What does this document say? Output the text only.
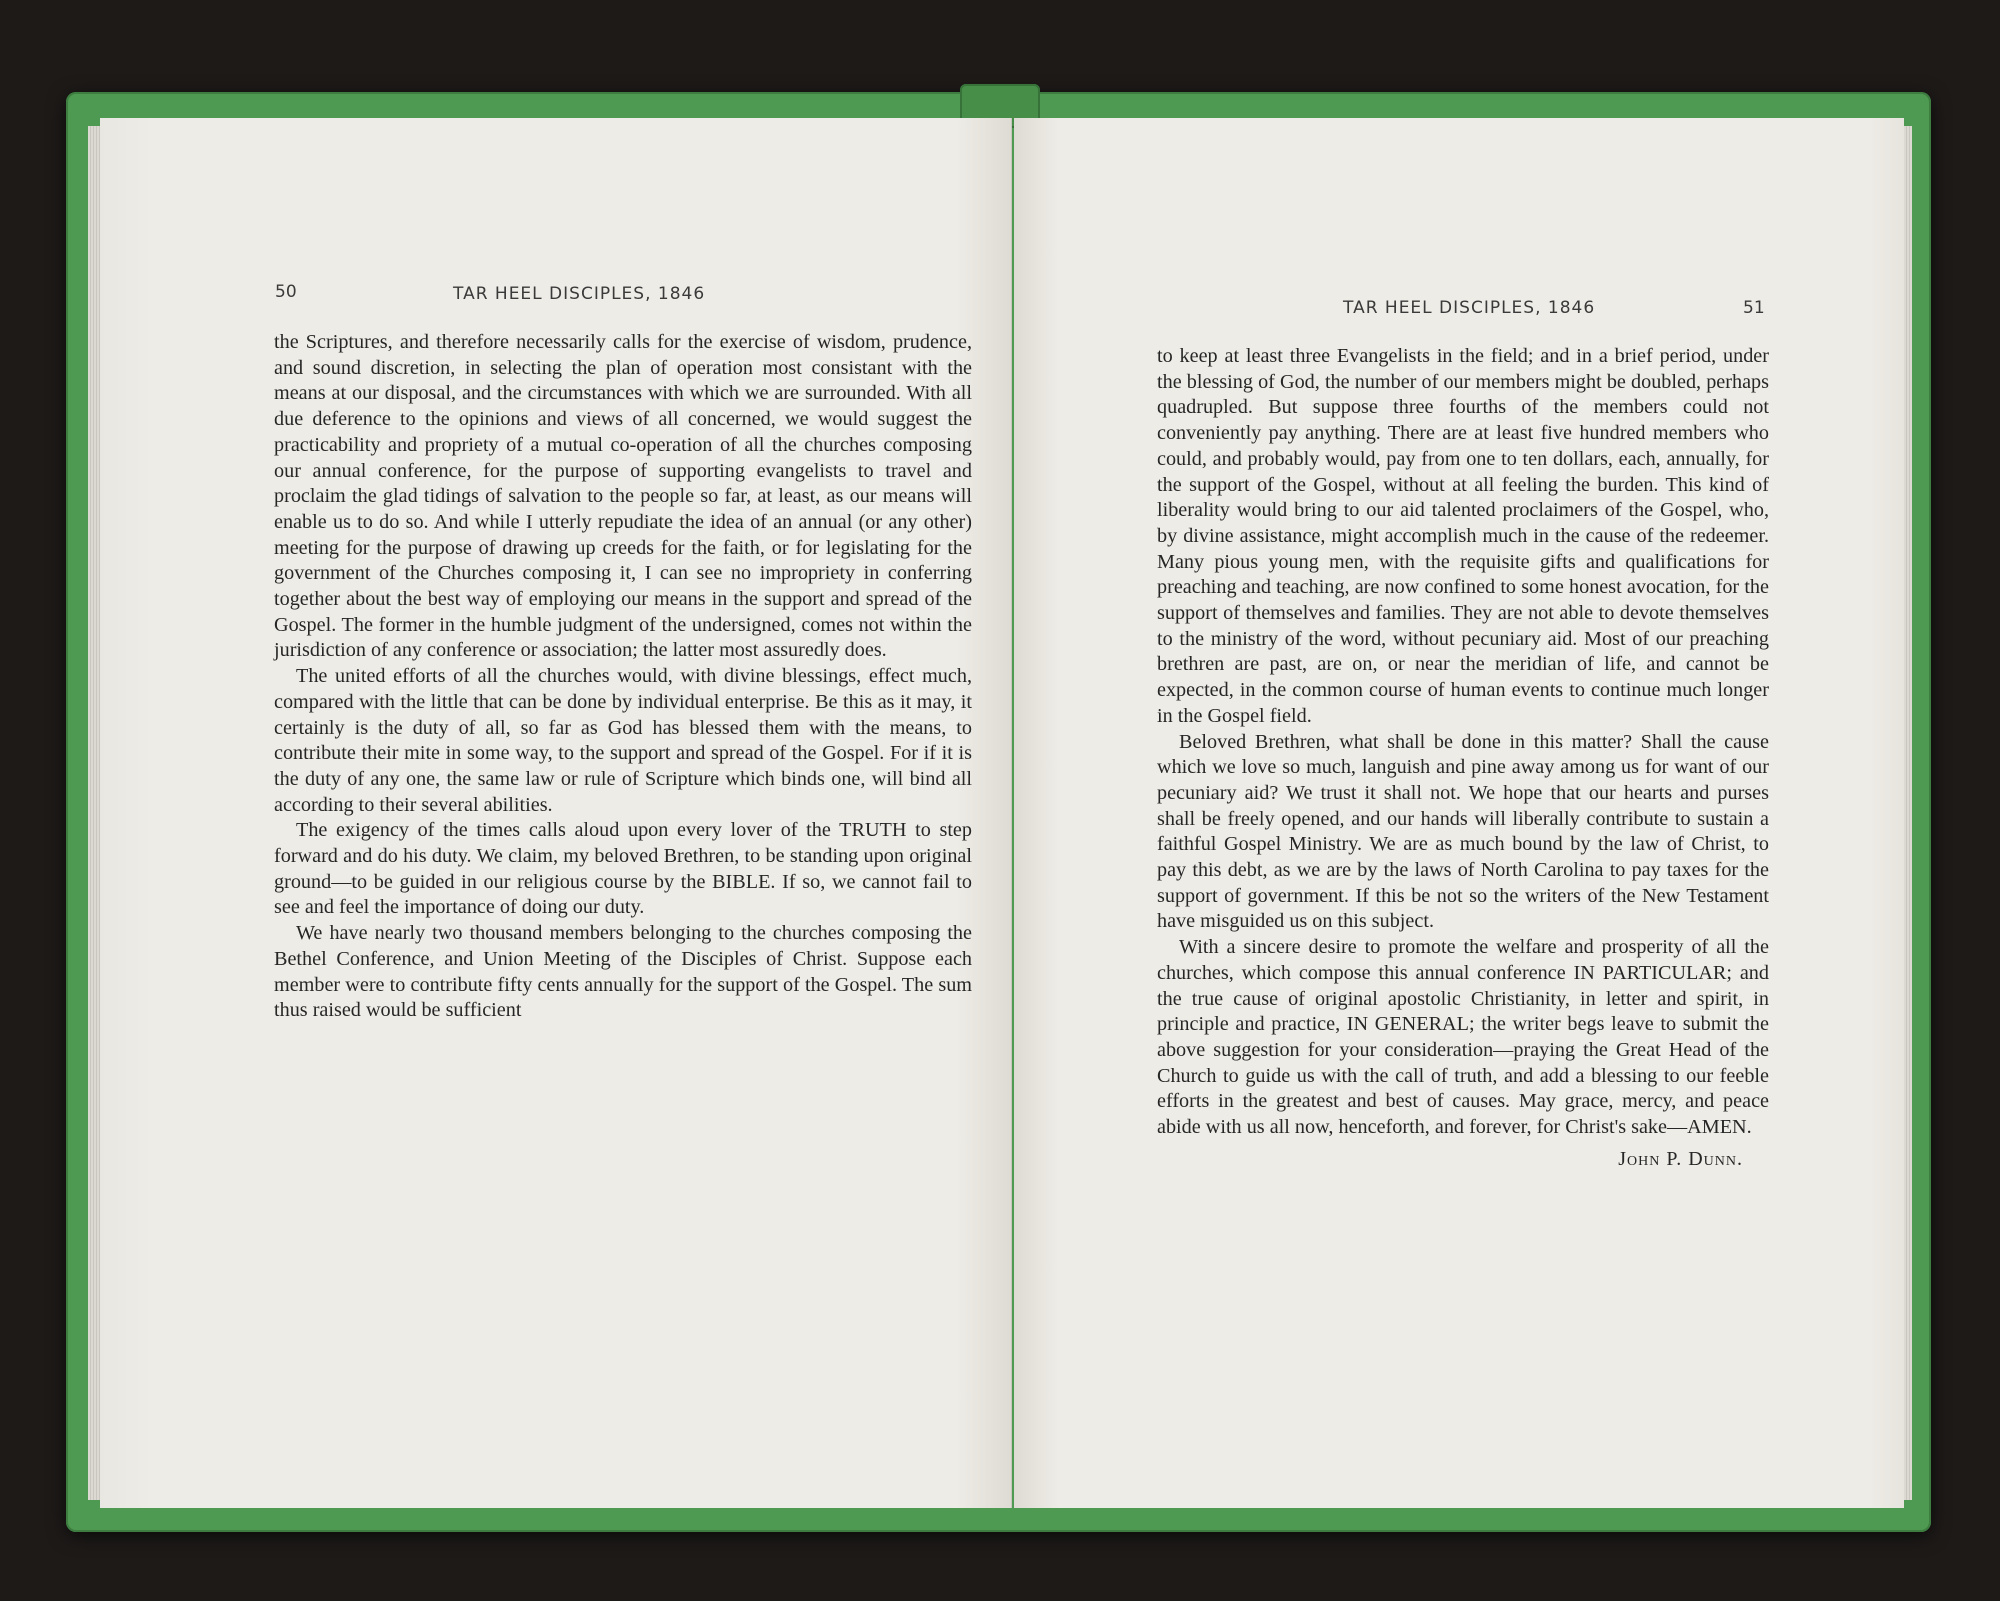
50	TAR HEEL DISCIPLES, 1846

the Scriptures, and therefore necessarily calls for the exercise of wisdom, prudence, and sound discretion, in selecting the plan of operation most consistant with the means at our disposal, and the circumstances with which we are surrounded. With all due deference to the opinions and views of all concerned, we would suggest the practicability and propriety of a mutual co-operation of all the churches composing our annual conference, for the purpose of supporting evangelists to travel and proclaim the glad tidings of salvation to the people so far, at least, as our means will enable us to do so. And while I utterly repudiate the idea of an annual (or any other) meeting for the purpose of drawing up creeds for the faith, or for legislating for the government of the Churches composing it, I can see no impropriety in conferring together about the best way of employing our means in the support and spread of the Gospel. The former in the humble judgment of the undersigned, comes not within the jurisdiction of any conference or association; the latter most assuredly does.

The united efforts of all the churches would, with divine blessings, effect much, compared with the little that can be done by individual enterprise. Be this as it may, it certainly is the duty of all, so far as God has blessed them with the means, to contribute their mite in some way, to the support and spread of the Gospel. For if it is the duty of any one, the same law or rule of Scripture which binds one, will bind all according to their several abilities.

The exigency of the times calls aloud upon every lover of the TRUTH to step forward and do his duty. We claim, my beloved Brethren, to be standing upon original ground—to be guided in our religious course by the BIBLE. If so, we cannot fail to see and feel the importance of doing our duty.

We have nearly two thousand members belonging to the churches composing the Bethel Conference, and Union Meeting of the Disciples of Christ. Suppose each member were to contribute fifty cents annually for the support of the Gospel. The sum thus raised would be sufficient

TAR HEEL DISCIPLES, 1846	51

to keep at least three Evangelists in the field; and in a brief period, under the blessing of God, the number of our members might be doubled, perhaps quadrupled. But suppose three fourths of the members could not conveniently pay anything. There are at least five hundred members who could, and probably would, pay from one to ten dollars, each, annually, for the support of the Gospel, without at all feeling the burden. This kind of liberality would bring to our aid talented proclaimers of the Gospel, who, by divine assistance, might accomplish much in the cause of the redeemer. Many pious young men, with the requisite gifts and qualifications for preaching and teaching, are now confined to some honest avocation, for the support of themselves and families. They are not able to devote themselves to the ministry of the word, without pecuniary aid. Most of our preaching brethren are past, are on, or near the meridian of life, and cannot be expected, in the common course of human events to continue much longer in the Gospel field.

Beloved Brethren, what shall be done in this matter? Shall the cause which we love so much, languish and pine away among us for want of our pecuniary aid? We trust it shall not. We hope that our hearts and purses shall be freely opened, and our hands will liberally contribute to sustain a faithful Gospel Ministry. We are as much bound by the law of Christ, to pay this debt, as we are by the laws of North Carolina to pay taxes for the support of government. If this be not so the writers of the New Testament have misguided us on this subject.

With a sincere desire to promote the welfare and prosperity of all the churches, which compose this annual conference IN PARTICULAR; and the true cause of original apostolic Christianity, in letter and spirit, in principle and practice, IN GENERAL; the writer begs leave to submit the above suggestion for your consideration—praying the Great Head of the Church to guide us with the call of truth, and add a blessing to our feeble efforts in the greatest and best of causes. May grace, mercy, and peace abide with us all now, henceforth, and forever, for Christ's sake—AMEN.

John P. Dunn.
